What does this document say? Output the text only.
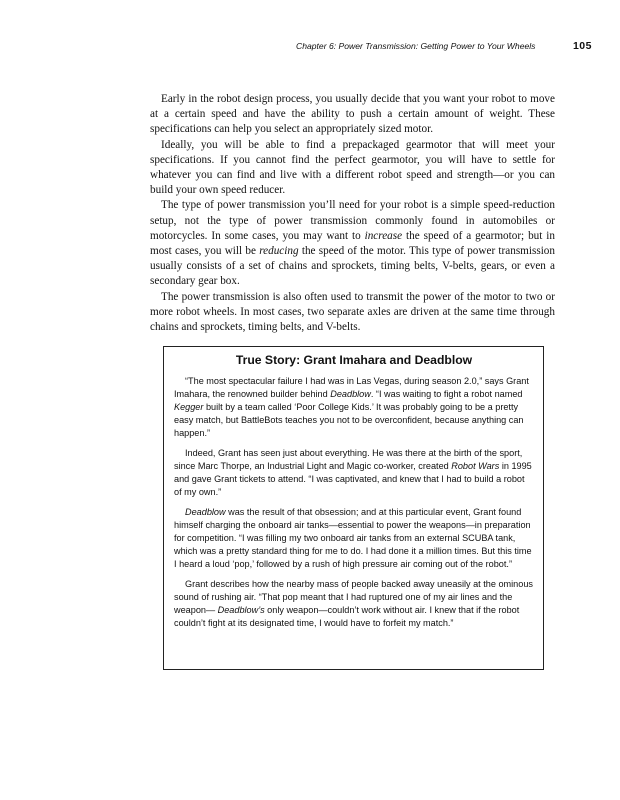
Chapter 6: Power Transmission: Getting Power to Your Wheels	105

Early in the robot design process, you usually decide that you want your robot to move at a certain speed and have the ability to push a certain amount of weight. These specifications can help you select an appropriately sized motor.

Ideally, you will be able to find a prepackaged gearmotor that will meet your specifications. If you cannot find the perfect gearmotor, you will have to settle for whatever you can find and live with a different robot speed and strength—or you can build your own speed reducer.

The type of power transmission you’ll need for your robot is a simple speed-reduction setup, not the type of power transmission commonly found in automobiles or motorcycles. In some cases, you may want to increase the speed of a gearmotor; but in most cases, you will be reducing the speed of the motor. This type of power transmission usually consists of a set of chains and sprockets, timing belts, V-belts, gears, or even a secondary gear box.

The power transmission is also often used to transmit the power of the motor to two or more robot wheels. In most cases, two separate axles are driven at the same time through chains and sprockets, timing belts, and V-belts.

True Story: Grant Imahara and Deadblow

“The most spectacular failure I had was in Las Vegas, during season 2.0,” says Grant Imahara, the renowned builder behind Deadblow. “I was waiting to fight a robot named Kegger built by a team called ‘Poor College Kids.’ It was probably going to be a pretty easy match, but BattleBots teaches you not to be overconfident, because anything can happen.”

Indeed, Grant has seen just about everything. He was there at the birth of the sport, since Marc Thorpe, an Industrial Light and Magic co-worker, created Robot Wars in 1995 and gave Grant tickets to attend. “I was captivated, and knew that I had to build a robot of my own.”

Deadblow was the result of that obsession; and at this particular event, Grant found himself charging the onboard air tanks—essential to power the weapons—in preparation for competition. “I was filling my two onboard air tanks from an external SCUBA tank, which was a pretty standard thing for me to do. I had done it a million times. But this time I heard a loud ‘pop,’ followed by a rush of high pressure air coming out of the robot.”

Grant describes how the nearby mass of people backed away uneasily at the ominous sound of rushing air. “That pop meant that I had ruptured one of my air lines and the weapon— Deadblow’s only weapon—couldn’t work without air. I knew that if the robot couldn’t fight at its designated time, I would have to forfeit my match.”
